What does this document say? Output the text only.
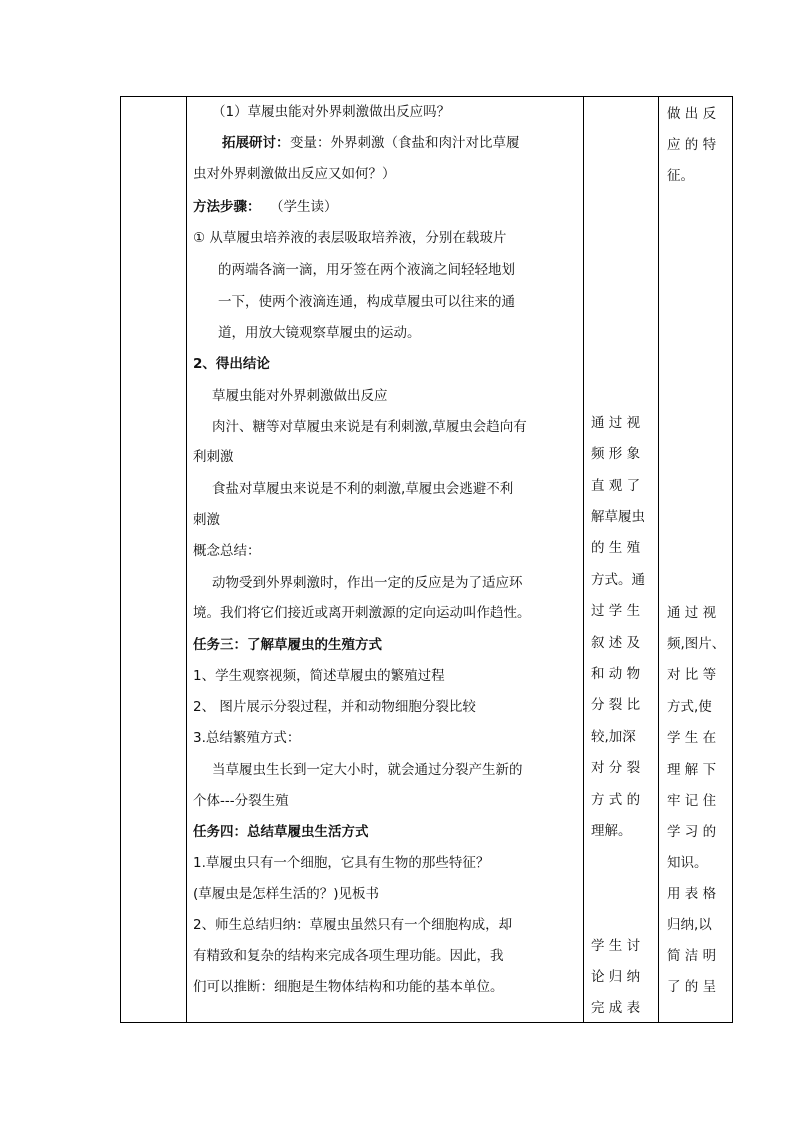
（1）草履虫能对外界刺激做出反应吗？
拓展研讨： 变量：外界刺激（食盐和肉汁对比草履
虫对外界刺激做出反应又如何？）
方法步骤： （学生读）
① 从草履虫培养液的表层吸取培养液，分别在载玻片
的两端各滴一滴，用牙签在两个液滴之间轻轻地划
一下，使两个液滴连通，构成草履虫可以往来的通
道，用放大镜观察草履虫的运动。
2、得出结论
草履虫能对外界刺激做出反应
肉汁、糖等对草履虫来说是有利刺激,草履虫会趋向有
利刺激
食盐对草履虫来说是不利的刺激,草履虫会逃避不利
刺激
概念总结：
动物受到外界刺激时，作出一定的反应是为了适应环
境。我们将它们接近或离开刺激源的定向运动叫作趋性。
任务三：了解草履虫的生殖方式
1、学生观察视频，简述草履虫的繁殖过程
2、 图片展示分裂过程，并和动物细胞分裂比较
3.总结繁殖方式：
当草履虫生长到一定大小时，就会通过分裂产生新的
个体---分裂生殖
任务四：总结草履虫生活方式
1.草履虫只有一个细胞，它具有生物的那些特征？
(草履虫是怎样生活的？)见板书
2、师生总结归纳：草履虫虽然只有一个细胞构成，却
有精致和复杂的结构来完成各项生理功能。因此，我
们可以推断：细胞是生物体结构和功能的基本单位。
通 过 视
频 形 象
直 观 了
解草履虫
的 生 殖
方式。通
过 学 生
叙 述 及
和 动 物
分 裂 比
较,加深
对 分 裂
方 式 的
理解。
学 生 讨
论 归 纳
完 成 表
做 出 反
应 的 特
征。
通 过 视
频,图片、
对 比 等
方式,使
学 生 在
理 解 下
牢 记 住
学 习 的
知识。
用 表 格
归纳,以
简 洁 明
了 的 呈
